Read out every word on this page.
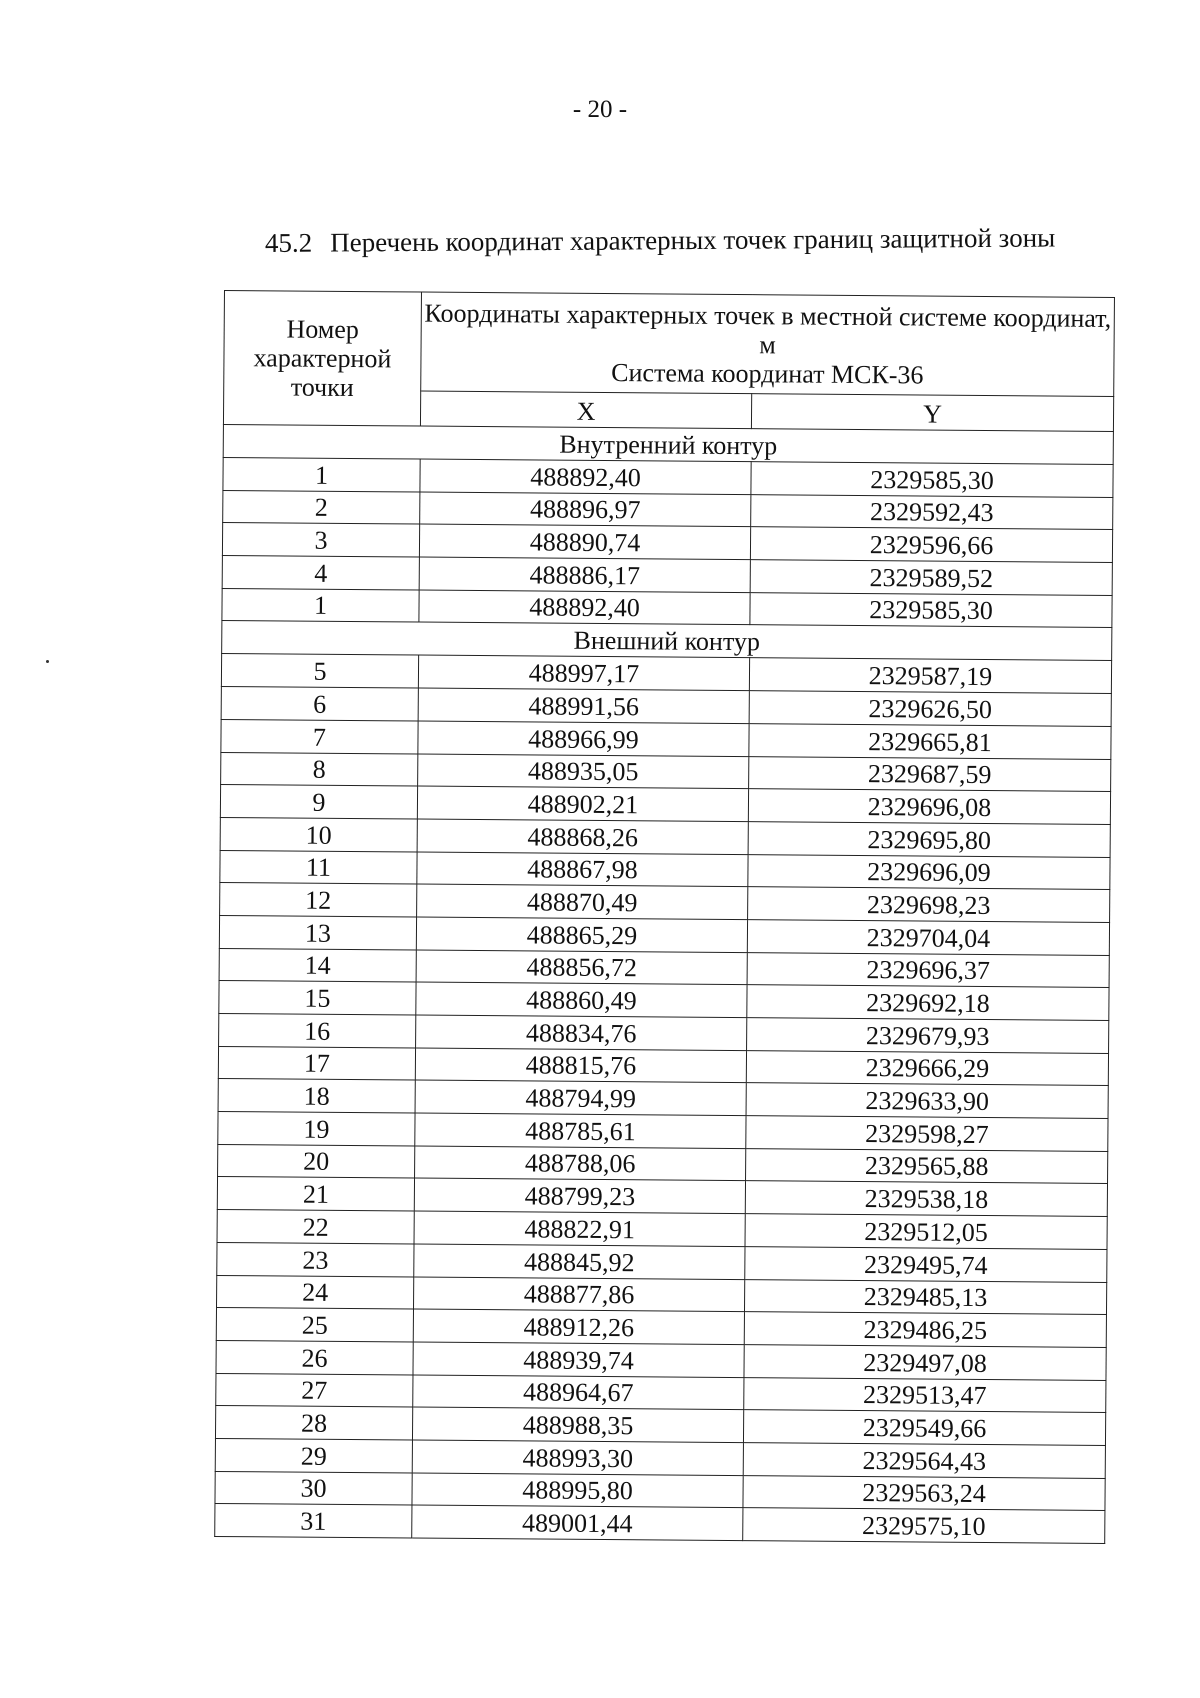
- 20 -
45.2 Перечень координат характерных точек границ защитной зоны
Номер характерной точки	Координаты характерных точек в местной системе координат, м
Система координат МСК-36	

	X	Y
Внутренний контур		
1	488892,40	2329585,30
2	488896,97	2329592,43
3	488890,74	2329596,66
4	488886,17	2329589,52
1	488892,40	2329585,30
Внешний контур		
5	488997,17	2329587,19
6	488991,56	2329626,50
7	488966,99	2329665,81
8	488935,05	2329687,59
9	488902,21	2329696,08
10	488868,26	2329695,80
11	488867,98	2329696,09
12	488870,49	2329698,23
13	488865,29	2329704,04
14	488856,72	2329696,37
15	488860,49	2329692,18
16	488834,76	2329679,93
17	488815,76	2329666,29
18	488794,99	2329633,90
19	488785,61	2329598,27
20	488788,06	2329565,88
21	488799,23	2329538,18
22	488822,91	2329512,05
23	488845,92	2329495,74
24	488877,86	2329485,13
25	488912,26	2329486,25
26	488939,74	2329497,08
27	488964,67	2329513,47
28	488988,35	2329549,66
29	488993,30	2329564,43
30	488995,80	2329563,24
31	489001,44	2329575,10
